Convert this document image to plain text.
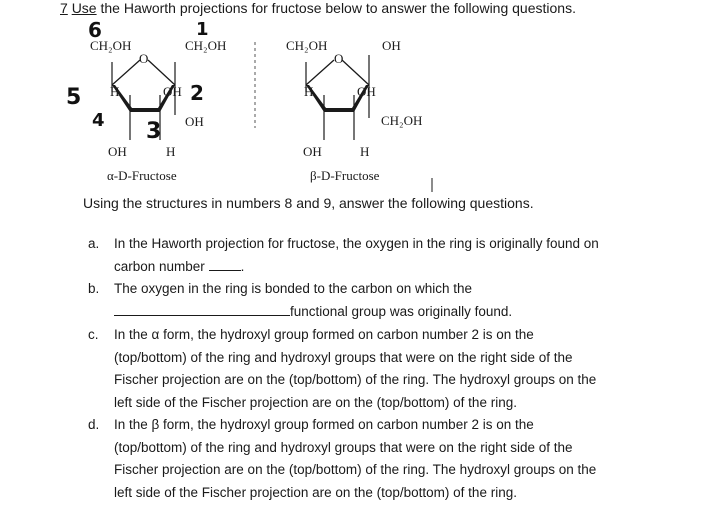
7 Use the Haworth projections for fructose below to answer the following questions.
CH₂OH
O
CH₂OH
H	OH
OH
OH	H
α-D-Fructose
CH₂OH
O
OH
H	OH
CH₂OH
OH	H
β-D-Fructose
6	1
2
5
4 3
Using the structures in numbers 8 and 9, answer the following questions.
a.	In the Haworth projection for fructose, the oxygen in the ring is originally found on
carbon number	.
b.	The oxygen in the ring is bonded to the carbon on which the
functional group was originally found.
c.	In the α form, the hydroxyl group formed on carbon number 2 is on the
(top/bottom) of the ring and hydroxyl groups that were on the right side of the
Fischer projection are on the (top/bottom) of the ring. The hydroxyl groups on the
left side of the Fischer projection are on the (top/bottom) of the ring.
d.	In the β form, the hydroxyl group formed on carbon number 2 is on the
(top/bottom) of the ring and hydroxyl groups that were on the right side of the
Fischer projection are on the (top/bottom) of the ring. The hydroxyl groups on the
left side of the Fischer projection are on the (top/bottom) of the ring.
